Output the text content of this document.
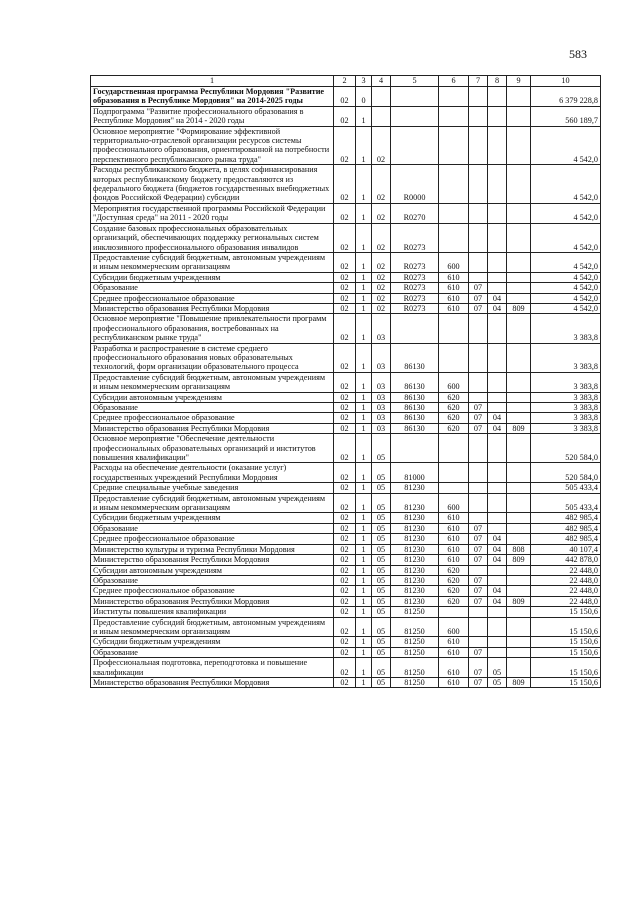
583
1	2	3	4	5	6	7	8	9	10
Государственная программа Республики Мордовия "Развитие образования в Республике Мордовия" на 2014-2025 годы	02	0							6 379 228,8
Подпрограмма "Развитие профессионального образования в Республике Мордовия" на 2014 - 2020 годы	02	1							560 189,7
Основное мероприятие "Формирование эффективной территориально-отраслевой организации ресурсов системы профессионального образования, ориентированной на потребности перспективного республиканского рынка труда"	02	1	02						4 542,0
Расходы республиканского бюджета, в целях софинансирования которых республиканскому бюджету предоставляются из федерального бюджета (бюджетов государственных внебюджетных фондов Российской Федерации) субсидии	02	1	02	R0000					4 542,0
Мероприятия государственной программы Российской Федерации "Доступная среда" на 2011 - 2020 годы	02	1	02	R0270					4 542,0
Создание базовых профессиональных образовательных организаций, обеспечивающих поддержку региональных систем инклюзивного профессионального образования инвалидов	02	1	02	R0273					4 542,0
Предоставление субсидий бюджетным, автономным учреждениям и иным некоммерческим организациям	02	1	02	R0273	600				4 542,0
Субсидии бюджетным учреждениям	02	1	02	R0273	610				4 542,0
Образование	02	1	02	R0273	610	07			4 542,0
Среднее профессиональное образование	02	1	02	R0273	610	07	04		4 542,0
Министерство образования Республики Мордовия	02	1	02	R0273	610	07	04	809	4 542,0
Основное мероприятие "Повышение привлекательности программ профессионального образования, востребованных на республиканском рынке труда"	02	1	03						3 383,8
Разработка и распространение в системе среднего профессионального образования новых образовательных технологий, форм организации образовательного процесса	02	1	03	86130					3 383,8
Предоставление субсидий бюджетным, автономным учреждениям и иным некоммерческим организациям	02	1	03	86130	600				3 383,8
Субсидии автономным учреждениям	02	1	03	86130	620				3 383,8
Образование	02	1	03	86130	620	07			3 383,8
Среднее профессиональное образование	02	1	03	86130	620	07	04		3 383,8
Министерство образования Республики Мордовия	02	1	03	86130	620	07	04	809	3 383,8
Основное мероприятие "Обеспечение деятельности профессиональных образовательных организаций и институтов повышения квалификации"	02	1	05						520 584,0
Расходы на обеспечение деятельности (оказание услуг) государственных учреждений Республики Мордовия	02	1	05	81000					520 584,0
Средние специальные учебные заведения	02	1	05	81230					505 433,4
Предоставление субсидий бюджетным, автономным учреждениям и иным некоммерческим организациям	02	1	05	81230	600				505 433,4
Субсидии бюджетным учреждениям	02	1	05	81230	610				482 985,4
Образование	02	1	05	81230	610	07			482 985,4
Среднее профессиональное образование	02	1	05	81230	610	07	04		482 985,4
Министерство культуры и туризма Республики Мордовия	02	1	05	81230	610	07	04	808	40 107,4
Министерство образования Республики Мордовия	02	1	05	81230	610	07	04	809	442 878,0
Субсидии автономным учреждениям	02	1	05	81230	620				22 448,0
Образование	02	1	05	81230	620	07			22 448,0
Среднее профессиональное образование	02	1	05	81230	620	07	04		22 448,0
Министерство образования Республики Мордовия	02	1	05	81230	620	07	04	809	22 448,0
Институты повышения квалификации	02	1	05	81250					15 150,6
Предоставление субсидий бюджетным, автономным учреждениям и иным некоммерческим организациям	02	1	05	81250	600				15 150,6
Субсидии бюджетным учреждениям	02	1	05	81250	610				15 150,6
Образование	02	1	05	81250	610	07			15 150,6
Профессиональная подготовка, переподготовка и повышение квалификации	02	1	05	81250	610	07	05		15 150,6
Министерство образования Республики Мордовия	02	1	05	81250	610	07	05	809	15 150,6
